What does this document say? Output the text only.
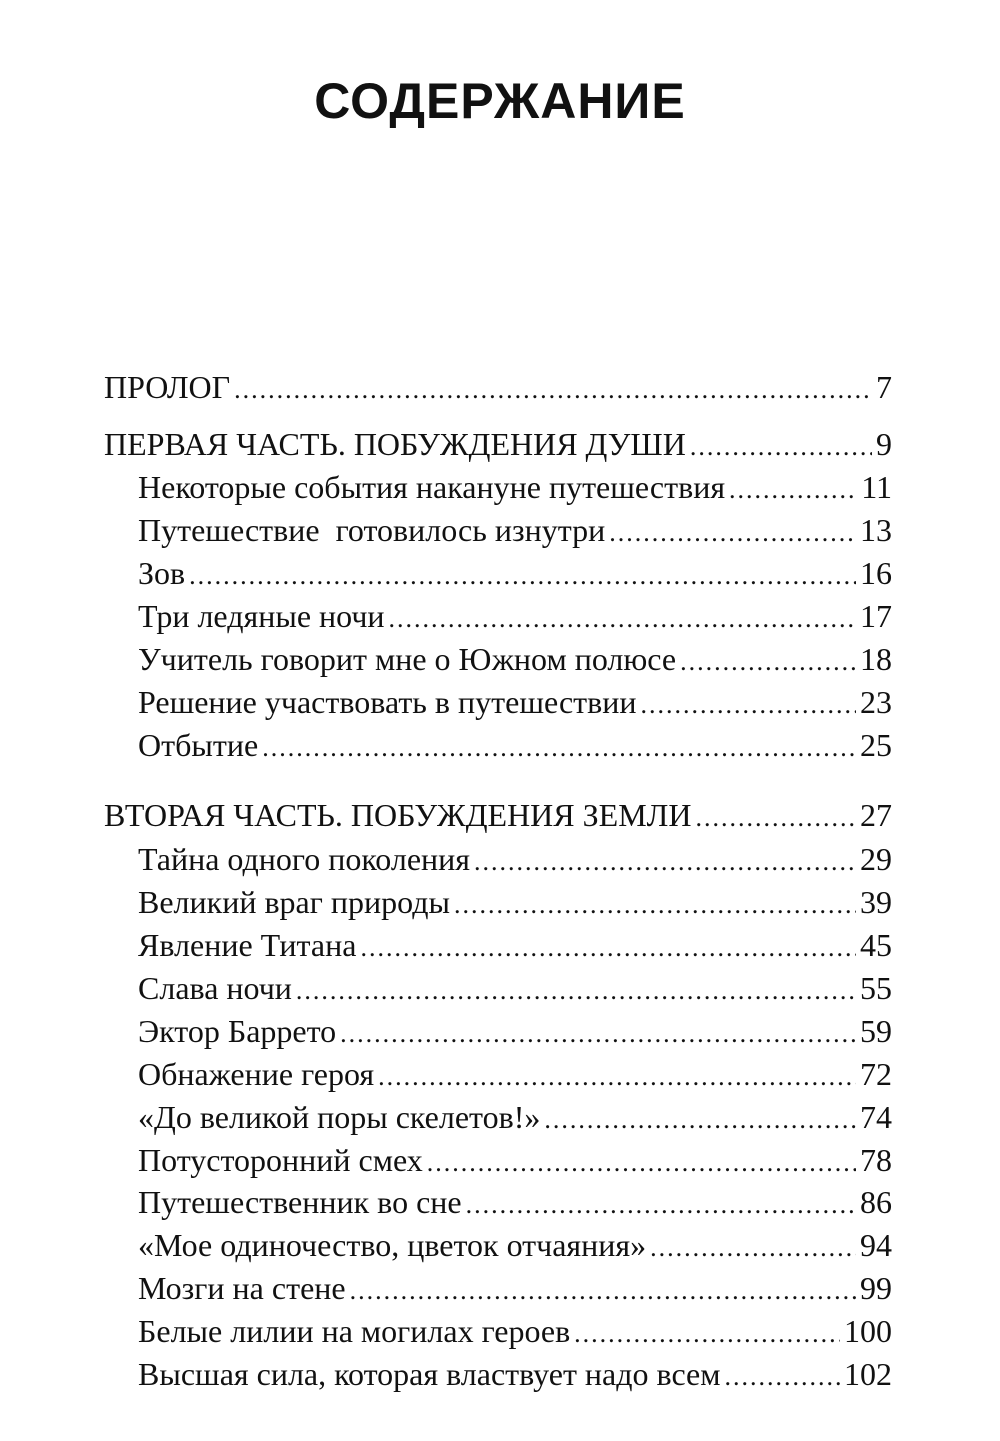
СОДЕРЖАНИЕ
ПРОЛОГ .....	7
ПЕРВАЯ ЧАСТЬ. ПОБУЖДЕНИЯ ДУШИ .....	9
Некоторые события накануне путешествия .....	11
Путешествие  готовилось изнутри .....	13
Зов .....	16
Три ледяные ночи .....	17
Учитель говорит мне о Южном полюсе .....	18
Решение участвовать в путешествии .....	23
Отбытие .....	25
ВТОРАЯ ЧАСТЬ. ПОБУЖДЕНИЯ ЗЕМЛИ .....	27
Тайна одного поколения .....	29
Великий враг природы .....	39
Явление Титана .....	45
Слава ночи .....	55
Эктор Баррето .....	59
Обнажение героя .....	72
«До великой поры скелетов!» .....	74
Потусторонний смех .....	78
Путешественник во сне .....	86
«Мое одиночество, цветок отчаяния» .....	94
Мозги на стене .....	99
Белые лилии на могилах героев .....	100
Высшая сила, которая властвует надо всем .....	102
